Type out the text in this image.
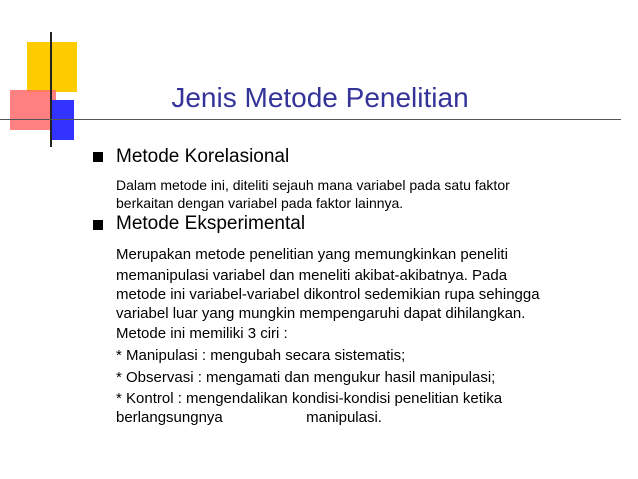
Jenis Metode Penelitian
Metode Korelasional
Dalam metode ini, diteliti sejauh mana variabel pada satu faktor
berkaitan dengan variabel pada faktor lainnya.
Metode Eksperimental
Merupakan metode penelitian yang memungkinkan peneliti
memanipulasi variabel dan meneliti akibat-akibatnya. Pada
metode ini variabel-variabel dikontrol sedemikian rupa sehingga
variabel luar yang mungkin mempengaruhi dapat dihilangkan.
Metode ini memiliki 3 ciri :
* Manipulasi : mengubah secara sistematis;
* Observasi : mengamati dan mengukur hasil manipulasi;
* Kontrol : mengendalikan kondisi-kondisi penelitian ketika
berlangsungnya                    manipulasi.
